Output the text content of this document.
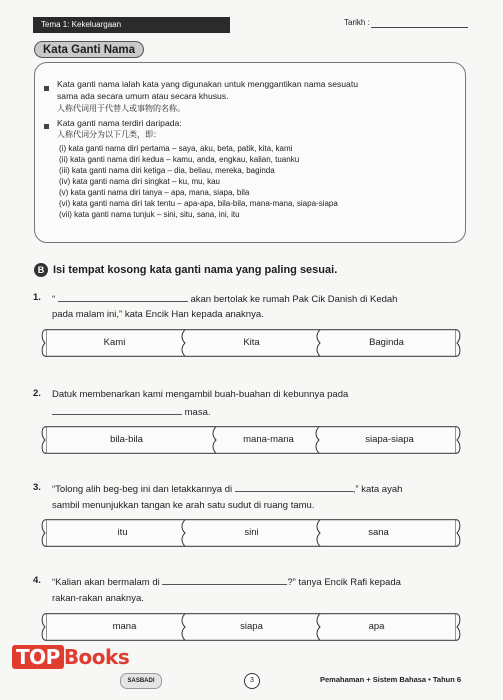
Tema 1: Kekeluargaan	Tarikh :
Kata Ganti Nama
Kata ganti nama ialah kata yang digunakan untuk menggantikan nama sesuatu
sama ada secara umum atau secara khusus.
人称代词用于代替人或事物的名称。
Kata ganti nama terdiri daripada:
人称代词分为以下几类，即：
(i) kata ganti nama diri pertama – saya, aku, beta, patik, kita, kami
(ii) kata ganti nama diri kedua – kamu, anda, engkau, kalian, tuanku
(iii) kata ganti nama diri ketiga – dia, beliau, mereka, baginda
(iv) kata ganti nama diri singkat – ku, mu, kau
(v) kata ganti nama diri tanya – apa, mana, siapa, bila
(vi) kata ganti nama diri tak tentu – apa-apa, bila-bila, mana-mana, siapa-siapa
(vii) kata ganti nama tunjuk – sini, situ, sana, ini, itu
B Isi tempat kosong kata ganti nama yang paling sesuai.
1. “	akan bertolak ke rumah Pak Cik Danish di Kedah
pada malam ini,” kata Encik Han kepada anaknya.
Kami	Kita	Baginda
2. Datuk membenarkan kami mengambil buah-buahan di kebunnya pada
masa.
bila-bila	mana-mana	siapa-siapa
3. “Tolong alih beg-beg ini dan letakkannya di	,” kata ayah
sambil menunjukkan tangan ke arah satu sudut di ruang tamu.
itu	sini	sana
4. “Kalian akan bermalam di	?” tanya Encik Rafi kepada
rakan-rakan anaknya.
mana	siapa	apa
TOP Books
SASBADI	3	Pemahaman + Sistem Bahasa • Tahun 6
